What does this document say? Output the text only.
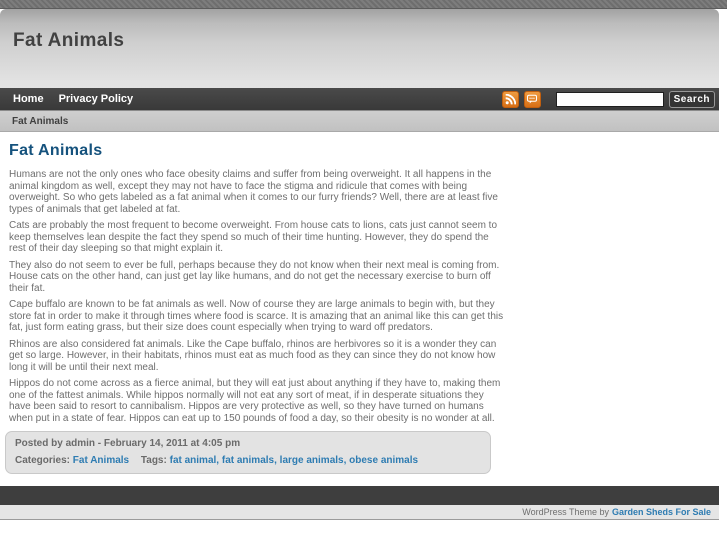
Fat Animals
Home Privacy Policy	Search
Fat Animals
Fat Animals

Humans are not the only ones who face obesity claims and suffer from being overweight. It all happens in the animal kingdom as well, except they may not have to face the stigma and ridicule that comes with being overweight. So who gets labeled as a fat animal when it comes to our furry friends? Well, there are at least five types of animals that get labeled at fat.

Cats are probably the most frequent to become overweight. From house cats to lions, cats just cannot seem to keep themselves lean despite the fact they spend so much of their time hunting. However, they do spend the rest of their day sleeping so that might explain it.

They also do not seem to ever be full, perhaps because they do not know when their next meal is coming from. House cats on the other hand, can just get lay like humans, and do not get the necessary exercise to burn off their fat.

Cape buffalo are known to be fat animals as well. Now of course they are large animals to begin with, but they store fat in order to make it through times where food is scarce. It is amazing that an animal like this can get this fat, just form eating grass, but their size does count especially when trying to ward off predators.

Rhinos are also considered fat animals. Like the Cape buffalo, rhinos are herbivores so it is a wonder they can get so large. However, in their habitats, rhinos must eat as much food as they can since they do not know how long it will be until their next meal.

Hippos do not come across as a fierce animal, but they will eat just about anything if they have to, making them one of the fattest animals. While hippos normally will not eat any sort of meat, if in desperate situations they have been said to resort to cannibalism. Hippos are very protective as well, so they have turned on humans when put in a state of fear. Hippos can eat up to 150 pounds of food a day, so their obesity is no wonder at all.

Posted by admin - February 14, 2011 at 4:05 pm
Categories: Fat Animals Tags: fat animal, fat animals, large animals, obese animals
WordPress Theme by Garden Sheds For Sale
